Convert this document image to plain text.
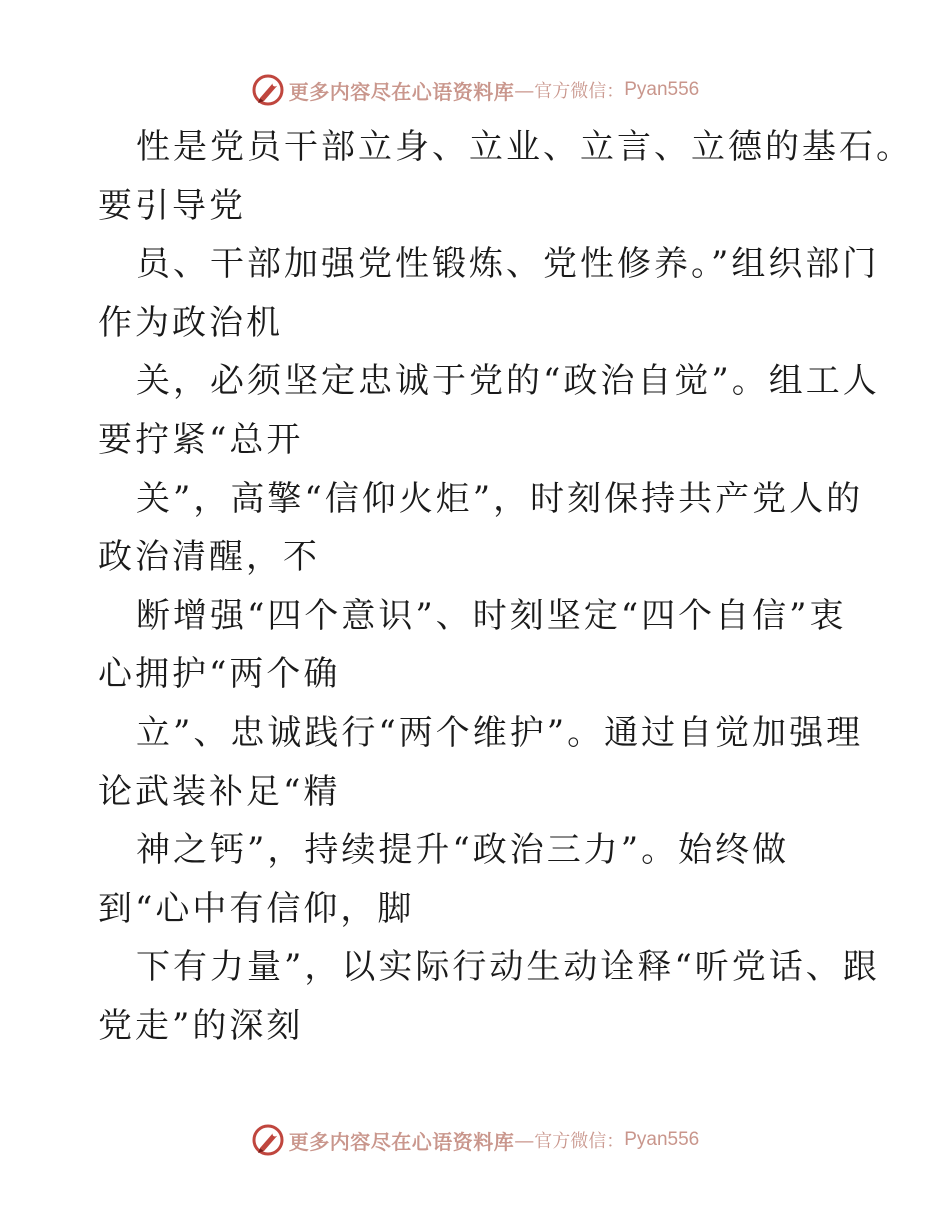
更多内容尽在心语资料库 — 官方微信： Pyan556
性是党员干部立身、立业、立言、立德的基石。
要引导党
员、干部加强党性锻炼、党性修养。”组织部门
作为政治机
关，必须坚定忠诚于党的“政治自觉”。组工人
要拧紧“总开
关”，高擎“信仰火炬”，时刻保持共产党人的
政治清醒，不
断增强“四个意识”、时刻坚定“四个自信”衷
心拥护“两个确
立”、忠诚践行“两个维护”。通过自觉加强理
论武装补足“精
神之钙”，持续提升“政治三力”。始终做
到“心中有信仰，脚
下有力量”，以实际行动生动诠释“听党话、跟
党走”的深刻
更多内容尽在心语资料库 — 官方微信： Pyan556
